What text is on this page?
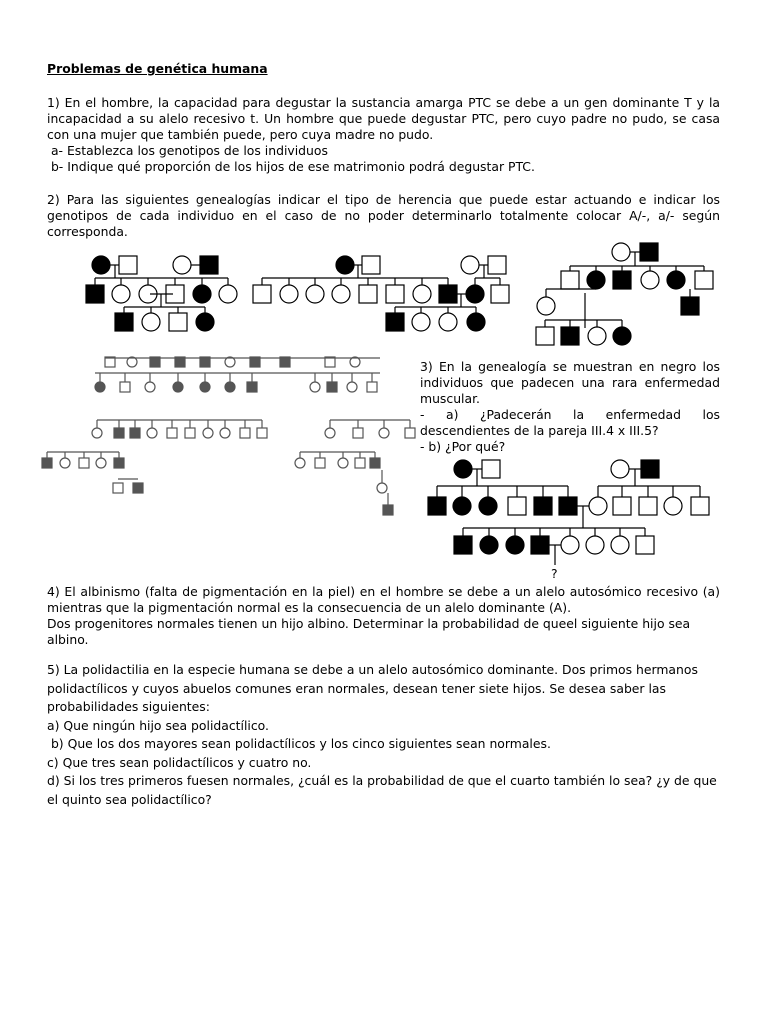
Problemas de genética humana
1) En el hombre, la capacidad para degustar la sustancia amarga PTC se debe a un gen dominante T y la incapacidad a su alelo recesivo t. Un hombre que puede degustar PTC, pero cuyo padre no pudo, se casa con una mujer que también puede, pero cuya madre no pudo.
a- Establezca los genotipos de los individuos
b- Indique qué proporción de los hijos de ese matrimonio podrá degustar PTC.
2) Para las siguientes genealogías indicar el tipo de herencia que puede estar actuando e indicar los genotipos de cada individuo en el caso de no poder determinarlo totalmente colocar A/-, a/- según corresponda.
3) En la genealogía se muestran en negro los individuos que padecen una rara enfermedad muscular.
- a) ¿Padecerán la enfermedad los descendientes de la pareja III.4 x III.5?
- b) ¿Por qué?
?
4) El albinismo (falta de pigmentación en la piel) en el hombre se debe a un alelo autosómico recesivo (a) mientras que la pigmentación normal es la consecuencia de un alelo dominante (A).
Dos progenitores normales tienen un hijo albino. Determinar la probabilidad de queel siguiente hijo sea albino.
5) La polidactilia en la especie humana se debe a un alelo autosómico dominante. Dos primos hermanos polidactílicos y cuyos abuelos comunes eran normales, desean tener siete hijos. Se desea saber las probabilidades siguientes:
a) Que ningún hijo sea polidactílico.
b) Que los dos mayores sean polidactílicos y los cinco siguientes sean normales.
c) Que tres sean polidactílicos y cuatro no.
d) Si los tres primeros fuesen normales, ¿cuál es la probabilidad de que el cuarto también lo sea? ¿y de que el quinto sea polidactílico?
